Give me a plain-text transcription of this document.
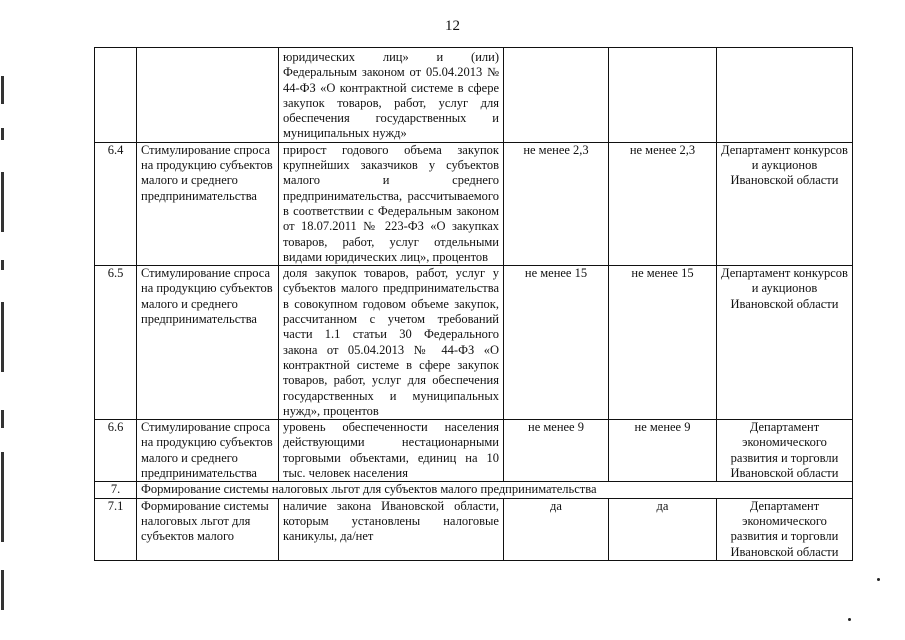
12
		юридических лиц» и (или) Федеральным законом от 05.04.2013 № 44-ФЗ «О контрактной системе в сфере закупок товаров, работ, услуг для обеспечения государственных и муниципальных нужд»			
6.4	Стимулирование спроса на продукцию субъектов малого и среднего предпринимательства	прирост годового объема закупок крупнейших заказчиков у субъектов малого и среднего предпринимательства, рассчитываемого в соответствии с Федеральным законом от 18.07.2011 № 223-ФЗ «О закупках товаров, работ, услуг отдельными видами юридических лиц», процентов	не менее 2,3	не менее 2,3	Департамент конкурсов и аукционов Ивановской области
6.5	Стимулирование спроса на продукцию субъектов малого и среднего предпринимательства	доля закупок товаров, работ, услуг у субъектов малого предпринимательства в совокупном годовом объеме закупок, рассчитанном с учетом требований части 1.1 статьи 30 Федерального закона от 05.04.2013 № 44-ФЗ «О контрактной системе в сфере закупок товаров, работ, услуг для обеспечения государственных и муниципальных нужд», процентов	не менее 15	не менее 15	Департамент конкурсов и аукционов Ивановской области
6.6	Стимулирование спроса на продукцию субъектов малого и среднего предпринимательства	уровень обеспеченности населения действующими нестационарными торговыми объектами, единиц на 10 тыс. человек населения	не менее 9	не менее 9	Департамент экономического развития и торговли Ивановской области
7.	Формирование системы налоговых льгот для субъектов малого предпринимательства				
7.1	Формирование системы налоговых льгот для субъектов малого	наличие закона Ивановской области, которым установлены налоговые каникулы, да/нет	да	да	Департамент экономического развития и торговли Ивановской области
